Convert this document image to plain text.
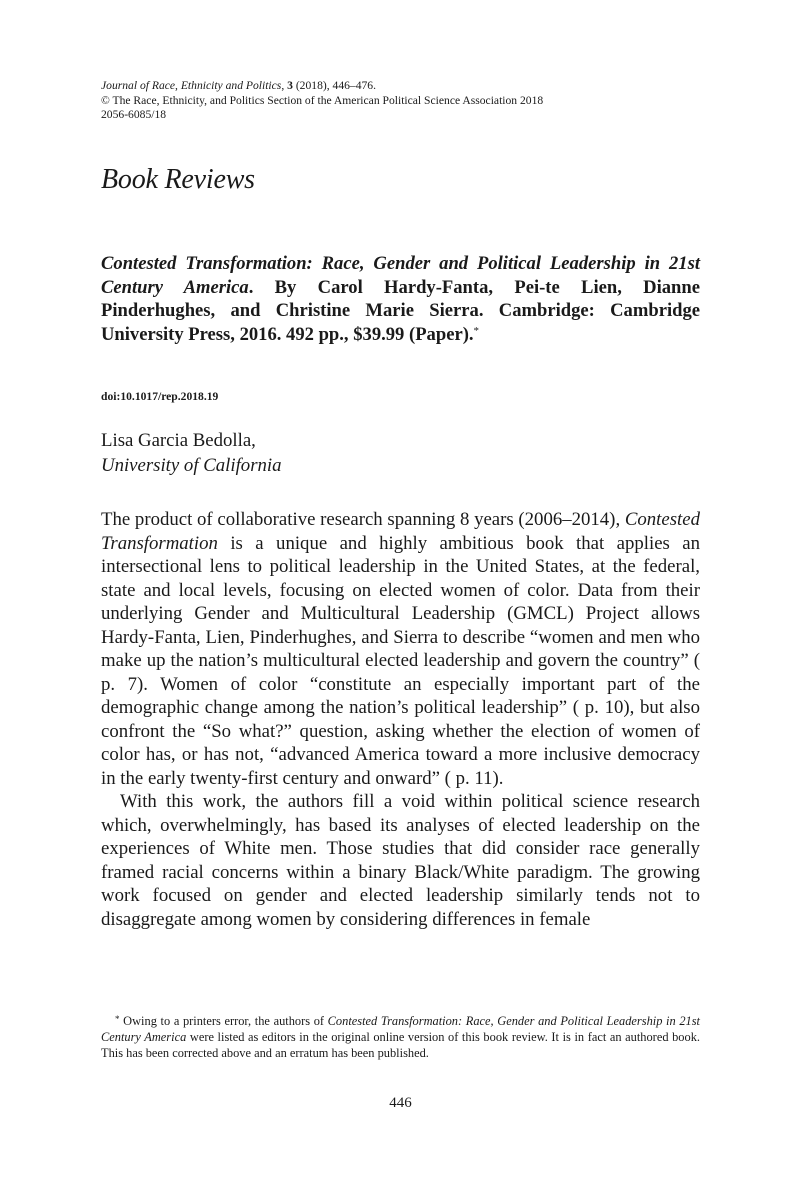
Journal of Race, Ethnicity and Politics, 3 (2018), 446–476.
© The Race, Ethnicity, and Politics Section of the American Political Science Association 2018
2056-6085/18
Book Reviews

Contested Transformation: Race, Gender and Political Leadership in 21st Century America. By Carol Hardy-Fanta, Pei-te Lien, Dianne Pinderhughes, and Christine Marie Sierra. Cambridge: Cambridge University Press, 2016. 492 pp., $39.99 (Paper).*

doi:10.1017/rep.2018.19
Lisa Garcia Bedolla,
University of California

The product of collaborative research spanning 8 years (2006–2014), Contested Transformation is a unique and highly ambitious book that applies an intersectional lens to political leadership in the United States, at the federal, state and local levels, focusing on elected women of color. Data from their underlying Gender and Multicultural Leadership (GMCL) Project allows Hardy-Fanta, Lien, Pinderhughes, and Sierra to describe “women and men who make up the nation’s multicultural elected leadership and govern the country” ( p. 7). Women of color “constitute an especially important part of the demographic change among the nation’s political leadership” ( p. 10), but also confront the “So what?” question, asking whether the election of women of color has, or has not, “advanced America toward a more inclusive democracy in the early twenty-first century and onward” ( p. 11).

With this work, the authors fill a void within political science research which, overwhelmingly, has based its analyses of elected leadership on the experiences of White men. Those studies that did consider race generally framed racial concerns within a binary Black/White paradigm. The growing work focused on gender and elected leadership similarly tends not to disaggregate among women by considering differences in female

* Owing to a printers error, the authors of Contested Transformation: Race, Gender and Political Leadership in 21st Century America were listed as editors in the original online version of this book review. It is in fact an authored book. This has been corrected above and an erratum has been published.

446
